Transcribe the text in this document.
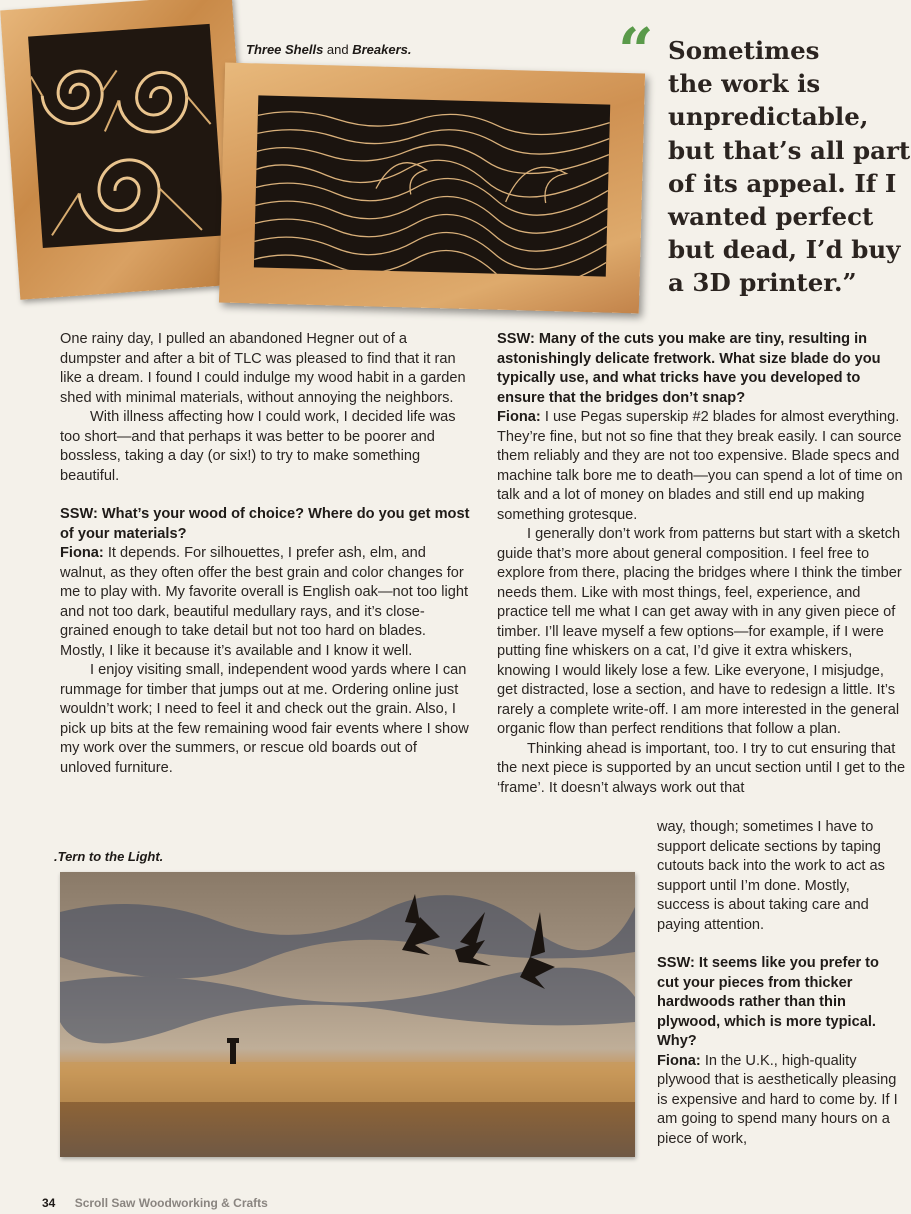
Three Shells and Breakers.	“ Sometimes
the work is
unpredictable,
but that’s all part
of its appeal. If I
wanted perfect
but dead, I’d buy
a 3D printer.”

One rainy day, I pulled an abandoned Hegner out of a dumpster and after a bit of TLC was pleased to find that it ran like a dream. I found I could indulge my wood habit in a garden shed with minimal materials, without annoying the neighbors.

With illness affecting how I could work, I decided life was too short—and that perhaps it was better to be poorer and bossless, taking a day (or six!) to try to make something beautiful.

SSW: What’s your wood of choice? Where do you get most of your materials?

Fiona: It depends. For silhouettes, I prefer ash, elm, and walnut, as they often offer the best grain and color changes for me to play with. My favorite overall is English oak—not too light and not too dark, beautiful medullary rays, and it’s close-grained enough to take detail but not too hard on blades. Mostly, I like it because it’s available and I know it well.

I enjoy visiting small, independent wood yards where I can rummage for timber that jumps out at me. Ordering online just wouldn’t work; I need to feel it and check out the grain. Also, I pick up bits at the few remaining wood fair events where I show my work over the summers, or rescue old boards out of unloved furniture.

.Tern to the Light.

SSW: Many of the cuts you make are tiny, resulting in astonishingly delicate fretwork. What size blade do you typically use, and what tricks have you developed to ensure that the bridges don’t snap?

Fiona: I use Pegas superskip #2 blades for almost everything. They’re fine, but not so fine that they break easily. I can source them reliably and they are not too expensive. Blade specs and machine talk bore me to death—you can spend a lot of time on talk and a lot of money on blades and still end up making something grotesque.

I generally don’t work from patterns but start with a sketch guide that’s more about general composition. I feel free to explore from there, placing the bridges where I think the timber needs them. Like with most things, feel, experience, and practice tell me what I can get away with in any given piece of timber. I’ll leave myself a few options—for example, if I were putting fine whiskers on a cat, I’d give it extra whiskers, knowing I would likely lose a few. Like everyone, I misjudge, get distracted, lose a section, and have to redesign a little. It’s rarely a complete write-off. I am more interested in the general organic flow than perfect renditions that follow a plan.

Thinking ahead is important, too. I try to cut ensuring that the next piece is supported by an uncut section until I get to the ‘frame’. It doesn’t always work out that

way, though; sometimes I have to support delicate sections by taping cutouts back into the work to act as support until I’m done. Mostly, success is about taking care and paying attention.

SSW: It seems like you prefer to cut your pieces from thicker hardwoods rather than thin plywood, which is more typical. Why?

Fiona: In the U.K., high-quality plywood that is aesthetically pleasing is expensive and hard to come by. If I am going to spend many hours on a piece of work,

34 Scroll Saw Woodworking & Crafts
